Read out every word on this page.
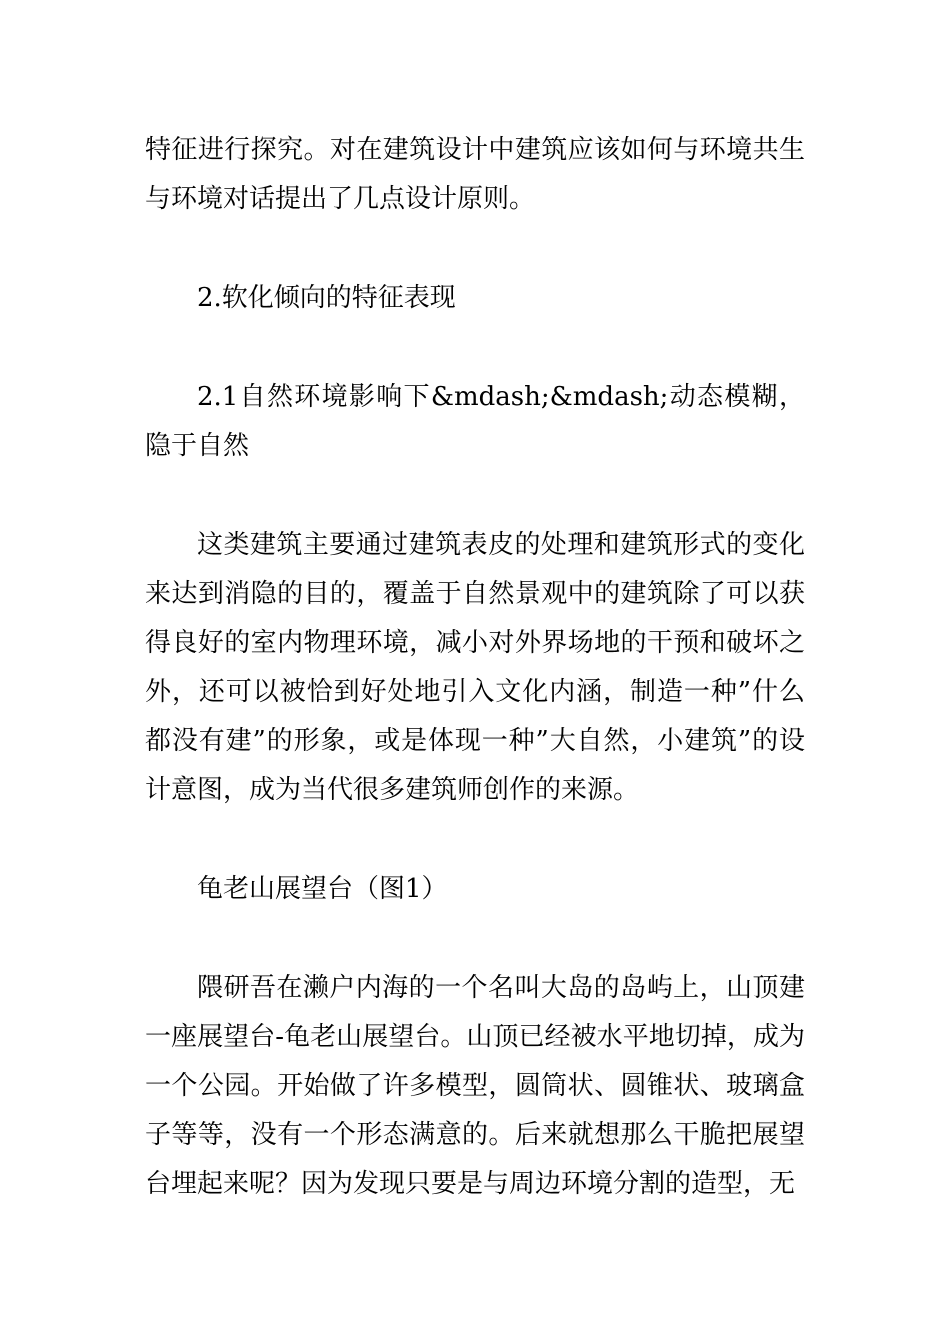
特征进行探究。对在建筑设计中建筑应该如何与环境共生与环境对话提出了几点设计原则。

2.软化倾向的特征表现

2.1自然环境影响下&mdash;&mdash;动态模糊，隐于自然

这类建筑主要通过建筑表皮的处理和建筑形式的变化来达到消隐的目的，覆盖于自然景观中的建筑除了可以获得良好的室内物理环境，减小对外界场地的干预和破坏之外，还可以被恰到好处地引入文化内涵，制造一种”什么都没有建”的形象，或是体现一种”大自然，小建筑”的设计意图，成为当代很多建筑师创作的来源。

龟老山展望台（图1）

隈研吾在濑户内海的一个名叫大岛的岛屿上，山顶建一座展望台-龟老山展望台。山顶已经被水平地切掉，成为一个公园。开始做了许多模型，圆筒状、圆锥状、玻璃盒子等等，没有一个形态满意的。后来就想那么干脆把展望台埋起来呢？因为发现只要是与周边环境分割的造型，无
